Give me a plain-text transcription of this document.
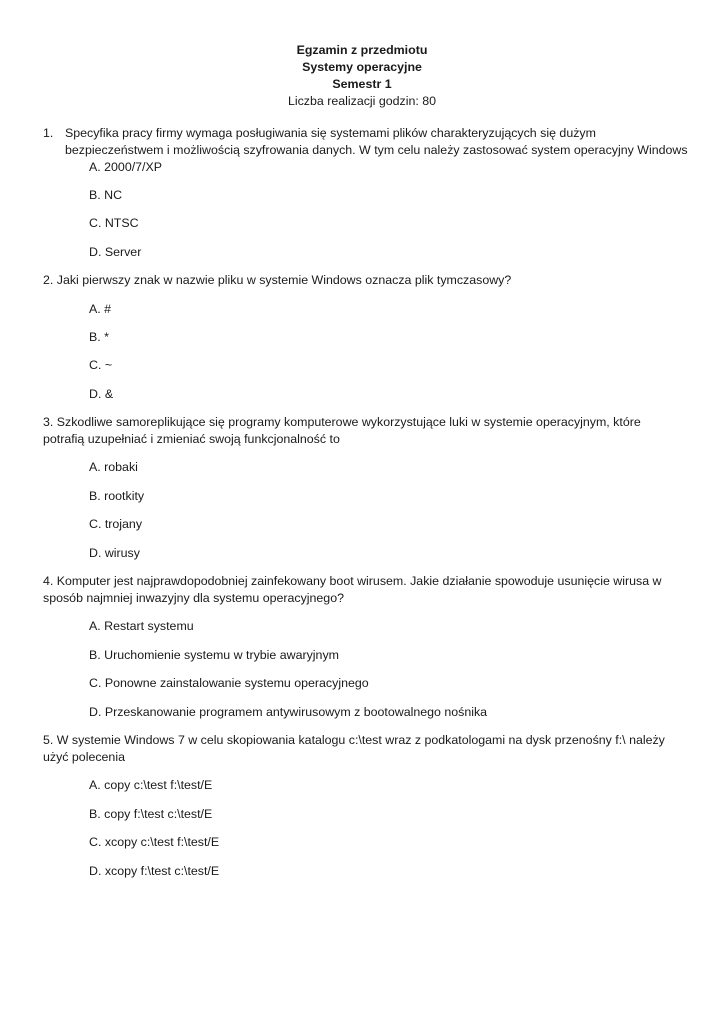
Egzamin z przedmiotu
Systemy operacyjne
Semestr 1
Liczba realizacji godzin: 80
1. Specyfika pracy firmy wymaga posługiwania się systemami plików charakteryzujących się dużym
bezpieczeństwem i możliwością szyfrowania danych. W tym celu należy zastosować system operacyjny Windows
A. 2000/7/XP
B. NC
C. NTSC
D. Server
2. Jaki pierwszy znak w nazwie pliku w systemie Windows oznacza plik tymczasowy?
A. #
B. *
C. ~
D. &
3. Szkodliwe samoreplikujące się programy komputerowe wykorzystujące luki w systemie operacyjnym, które
potrafią uzupełniać i zmieniać swoją funkcjonalność to
A. robaki
B. rootkity
C. trojany
D. wirusy
4. Komputer jest najprawdopodobniej zainfekowany boot wirusem. Jakie działanie spowoduje usunięcie wirusa w
sposób najmniej inwazyjny dla systemu operacyjnego?
A. Restart systemu
B. Uruchomienie systemu w trybie awaryjnym
C. Ponowne zainstalowanie systemu operacyjnego
D. Przeskanowanie programem antywirusowym z bootowalnego nośnika
5. W systemie Windows 7 w celu skopiowania katalogu c:\test wraz z podkatologami na dysk przenośny f:\ należy
użyć polecenia
A. copy c:\test f:\test/E
B. copy f:\test c:\test/E
C. xcopy c:\test f:\test/E
D. xcopy f:\test c:\test/E
